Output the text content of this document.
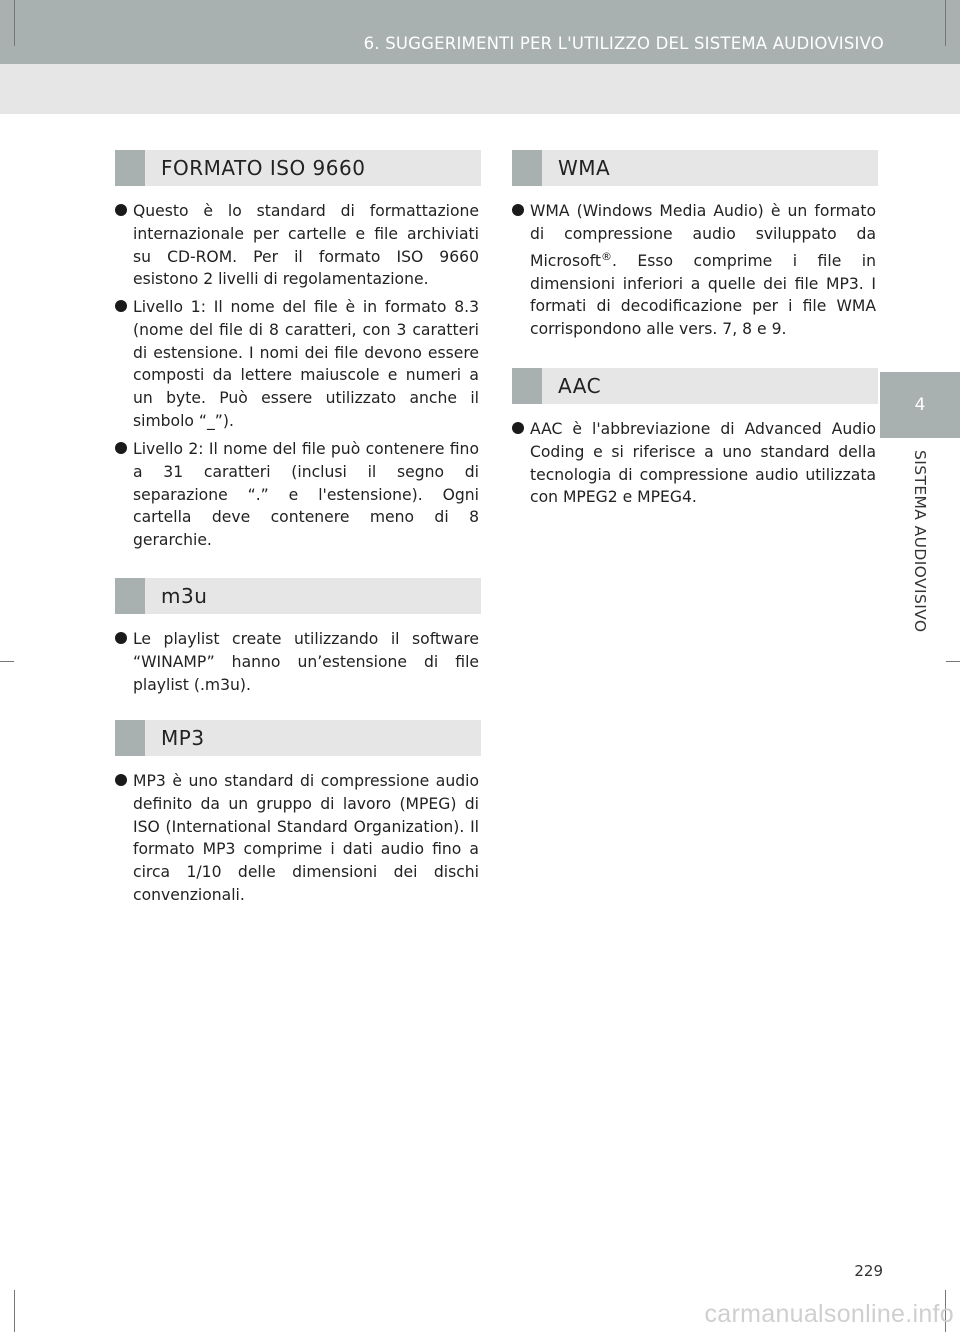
6. SUGGERIMENTI PER L'UTILIZZO DEL SISTEMA AUDIOVISIVO
4
SISTEMA AUDIOVISIVO
FORMATO ISO 9660
Questo è lo standard di formattazione internazionale per cartelle e file archiviati su CD-ROM. Per il formato ISO 9660 esistono 2 livelli di regolamentazione.
Livello 1: Il nome del file è in formato 8.3 (nome del file di 8 caratteri, con 3 caratteri di estensione. I nomi dei file devono essere composti da lettere maiuscole e numeri a un byte. Può essere utilizzato anche il simbolo “_”).
Livello 2: Il nome del file può contenere fino a 31 caratteri (inclusi il segno di separazione “.” e l'estensione). Ogni cartella deve contenere meno di 8 gerarchie.
m3u
Le playlist create utilizzando il software “WINAMP” hanno un’estensione di file playlist (.m3u).
MP3
MP3 è uno standard di compressione audio definito da un gruppo di lavoro (MPEG) di ISO (International Standard Organization). Il formato MP3 comprime i dati audio fino a circa 1/10 delle dimensioni dei dischi convenzionali.
WMA
WMA (Windows Media Audio) è un formato di compressione audio sviluppato da Microsoft®. Esso comprime i file in dimensioni inferiori a quelle dei file MP3. I formati di decodificazione per i file WMA corrispondono alle vers. 7, 8 e 9.
AAC
AAC è l'abbreviazione di Advanced Audio Coding e si riferisce a uno standard della tecnologia di compressione audio utilizzata con MPEG2 e MPEG4.
229
carmanualsonline.info
